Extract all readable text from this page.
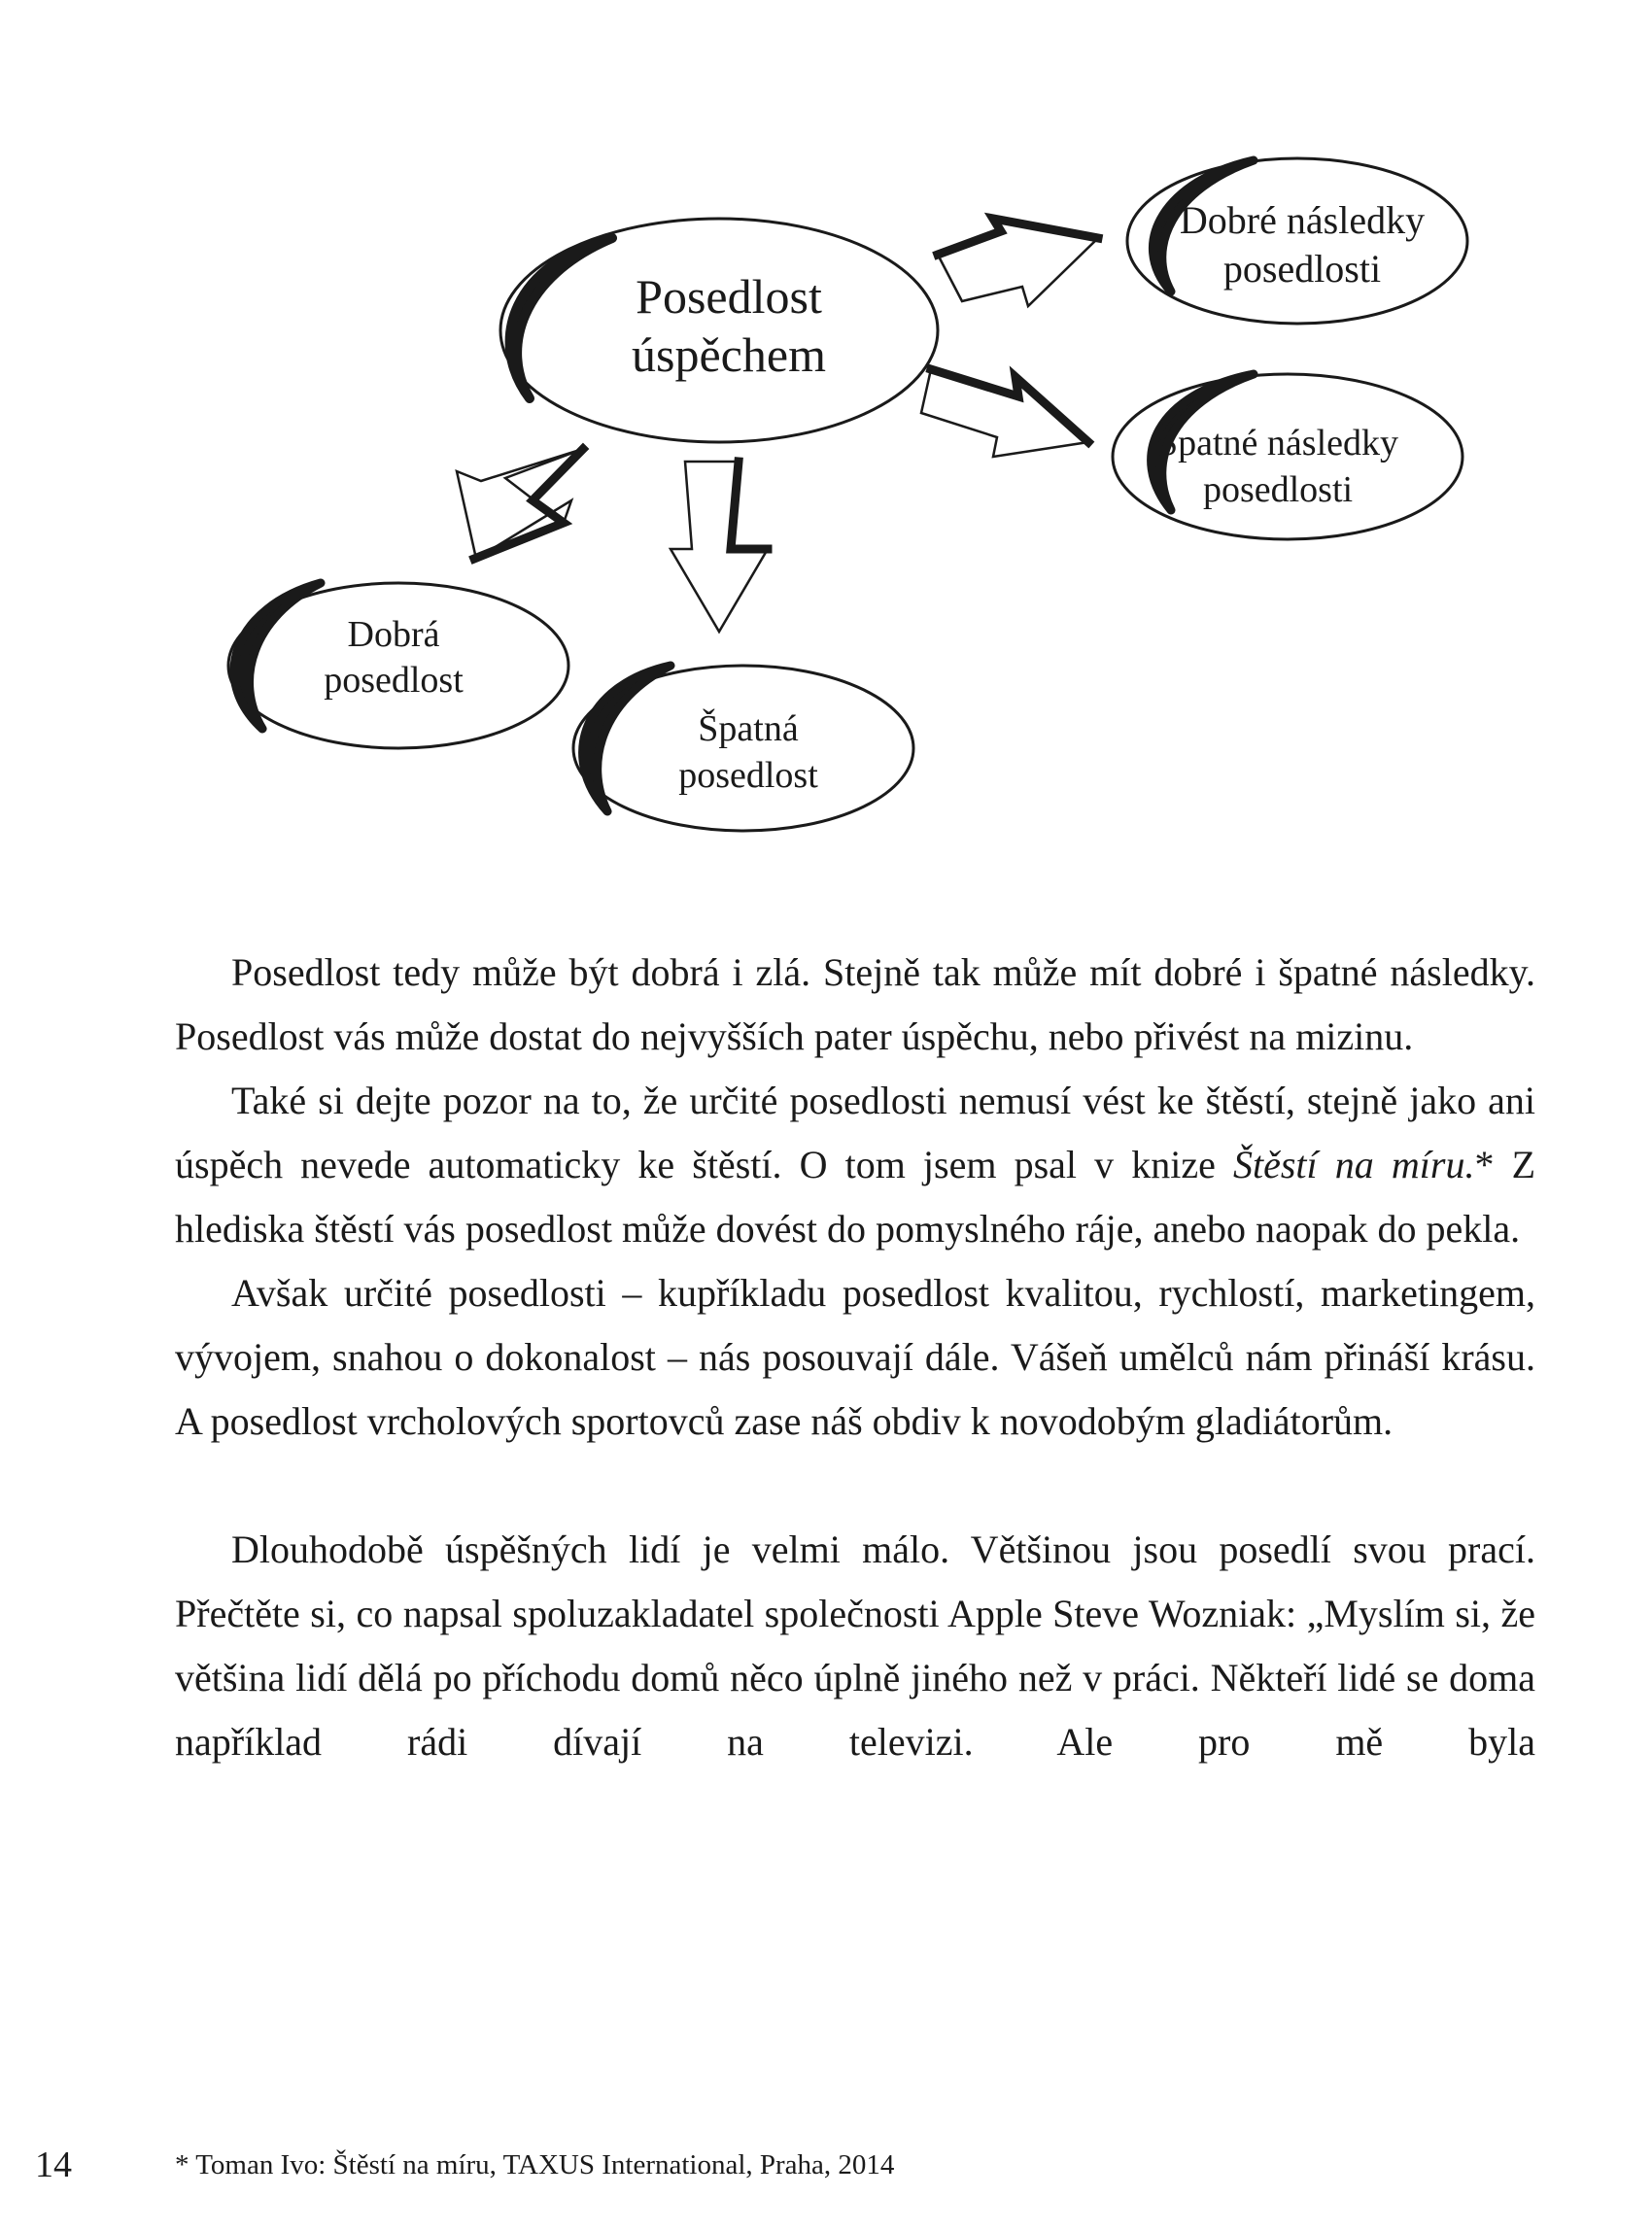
Posedlost
úspěchem
Dobré následky
posedlosti
Špatné následky
posedlosti
Dobrá
posedlost
Špatná
posedlost

Posedlost tedy může být dobrá i zlá. Stejně tak může mít dobré i špatné následky. Posedlost vás může dostat do nejvyšších pater úspěchu, nebo přivést na mizinu.

Také si dejte pozor na to, že určité posedlosti nemusí vést ke štěstí, stejně jako ani úspěch nevede automaticky ke štěstí. O tom jsem psal v knize Štěstí na míru.* Z hlediska štěstí vás posedlost může dovést do pomyslného ráje, anebo naopak do pekla.

Avšak určité posedlosti – kupříkladu posedlost kvalitou, rychlostí, marketingem, vývojem, snahou o dokonalost – nás posouvají dále. Vášeň umělců nám přináší krásu. A posedlost vrcholových sportovců zase náš obdiv k novodobým gladiátorům.

Dlouhodobě úspěšných lidí je velmi málo. Většinou jsou posedlí svou prací. Přečtěte si, co napsal spoluzakladatel společnosti Apple Steve Wozniak: „Myslím si, že většina lidí dělá po příchodu domů něco úplně jiného než v práci. Někteří lidé se doma například rádi dívají na televizi. Ale pro mě byla

14	* Toman Ivo: Štěstí na míru, TAXUS International, Praha, 2014
